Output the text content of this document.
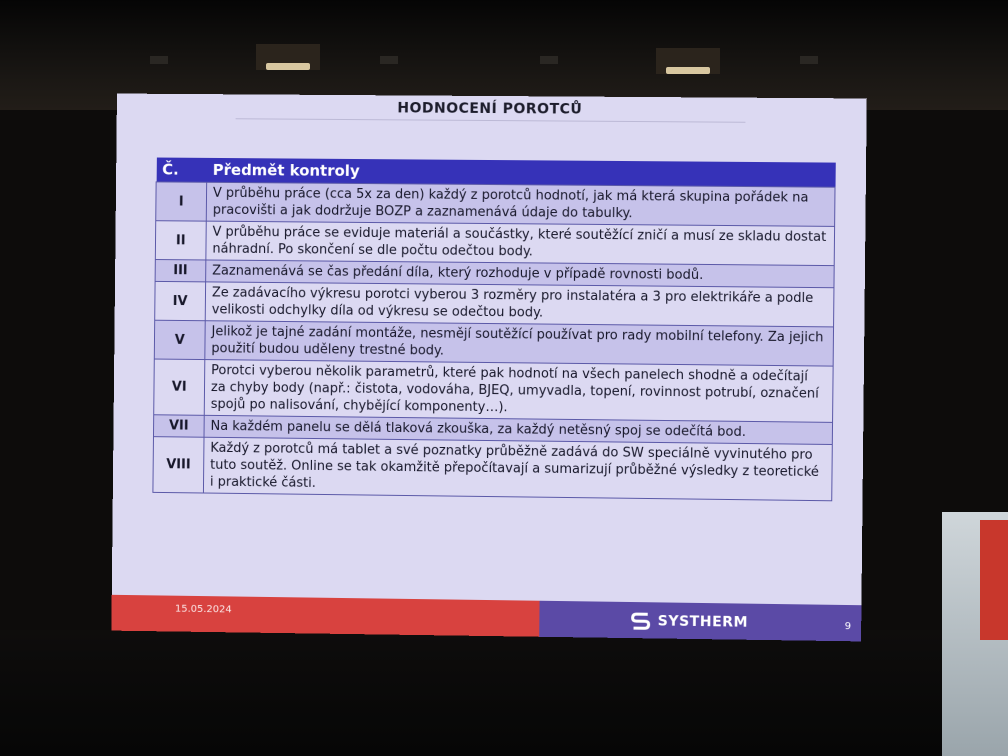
HODNOCENÍ POROTCŮ
Č.	Předmět kontroly
I	V průběhu práce (cca 5x za den) každý z porotců hodnotí, jak má která skupina pořádek na pracovišti a jak dodržuje BOZP a zaznamenává údaje do tabulky.
II	V průběhu práce se eviduje materiál a součástky, které soutěžící zničí a musí ze skladu dostat náhradní. Po skončení se dle počtu odečtou body.
III	Zaznamenává se čas předání díla, který rozhoduje v případě rovnosti bodů.
IV	Ze zadávacího výkresu porotci vyberou 3 rozměry pro instalatéra a 3 pro elektrikáře a podle velikosti odchylky díla od výkresu se odečtou body.
V	Jelikož je tajné zadání montáže, nesmějí soutěžící používat pro rady mobilní telefony. Za jejich použití budou uděleny trestné body.
VI	Porotci vyberou několik parametrů, které pak hodnotí na všech panelech shodně a odečítají za chyby body (např.: čistota, vodováha, BJEQ, umyvadla, topení, rovinnost potrubí, označení spojů po nalisování, chybějící komponenty…).
VII	Na každém panelu se dělá tlaková zkouška, za každý netěsný spoj se odečítá bod.
VIII	Každý z porotců má tablet a své poznatky průběžně zadává do SW speciálně vyvinutého pro tuto soutěž. Online se tak okamžitě přepočítavají a sumarizují průběžné výsledky z teoretické i praktické části.
15.05.2024
SYSTHERM	9
